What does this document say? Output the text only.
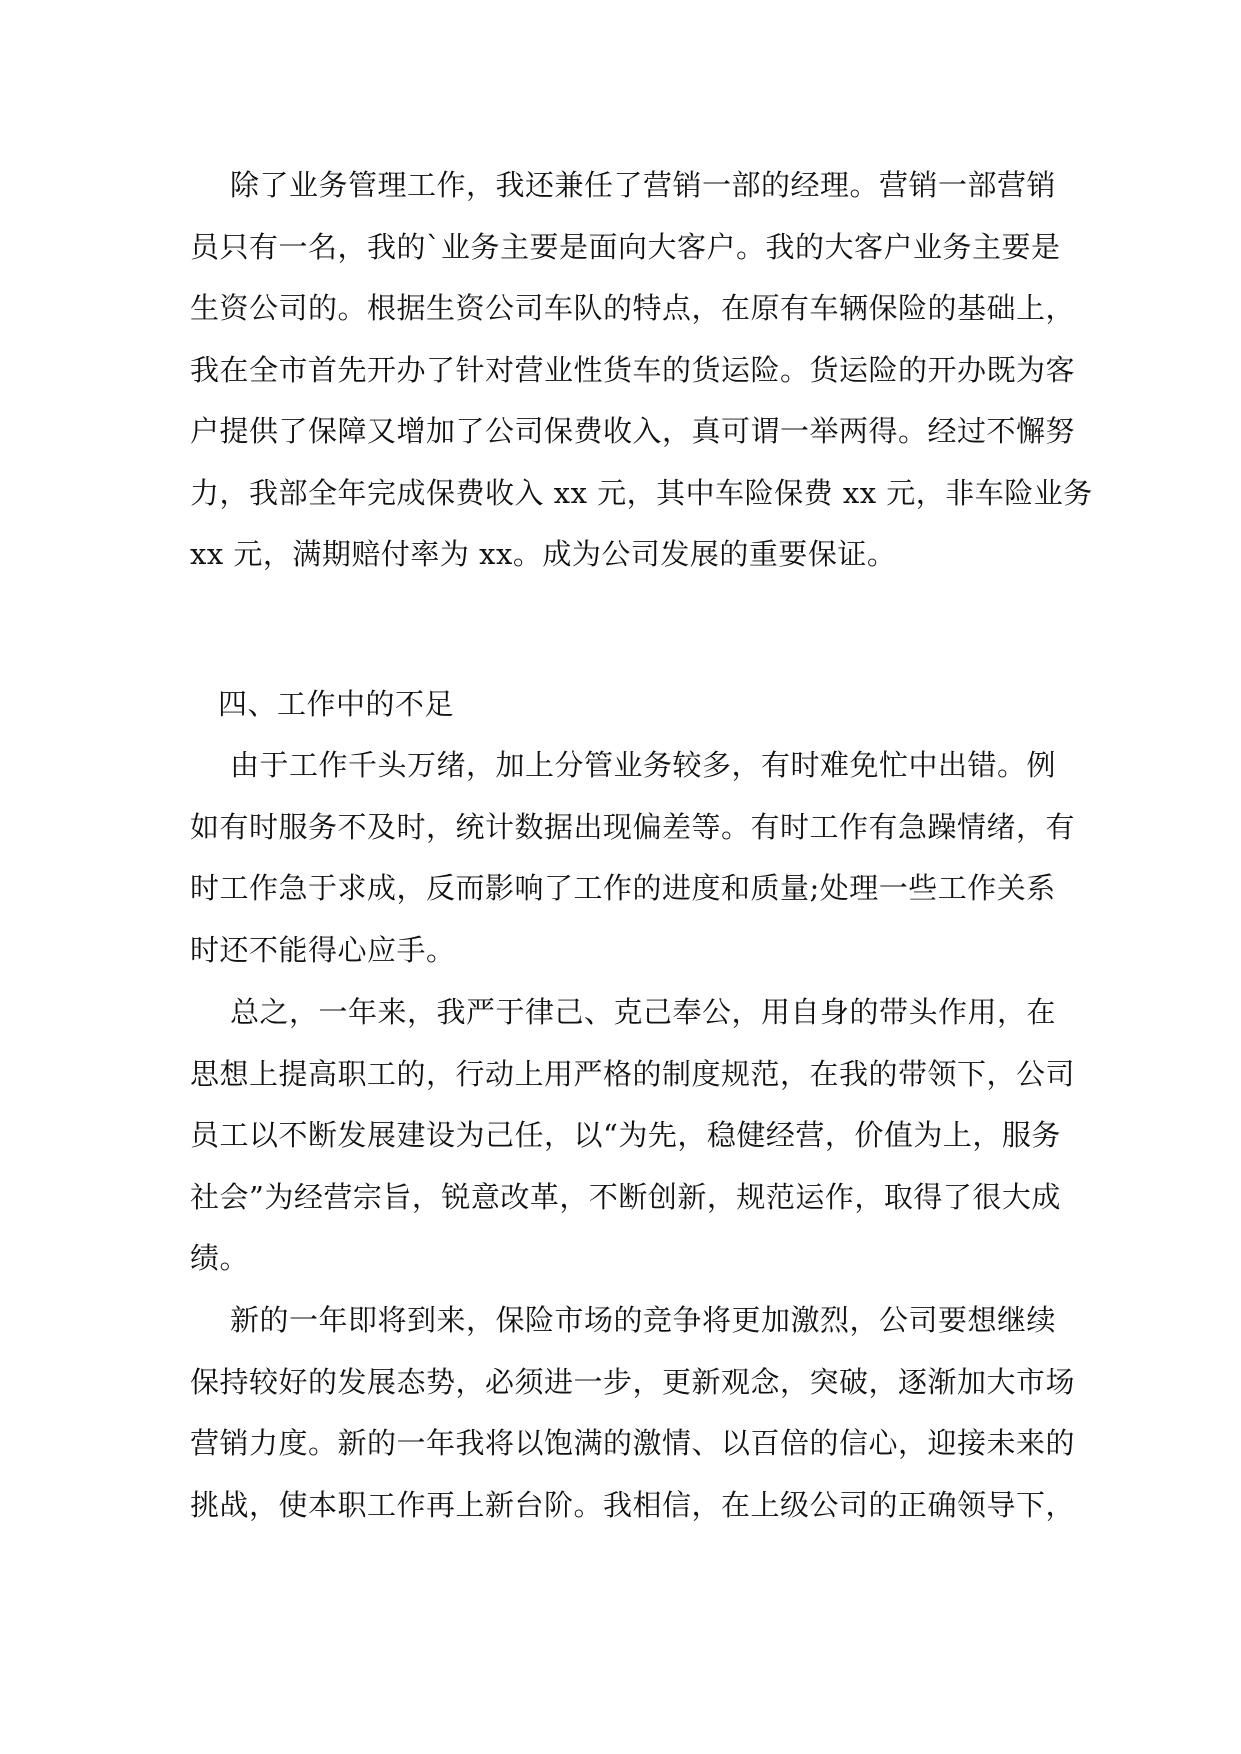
除了业务管理工作，我还兼任了营销一部的经理。营销一部营销
员只有一名，我的`业务主要是面向大客户。我的大客户业务主要是
生资公司的。根据生资公司车队的特点，在原有车辆保险的基础上，
我在全市首先开办了针对营业性货车的货运险。货运险的开办既为客
户提供了保障又增加了公司保费收入，真可谓一举两得。经过不懈努
力，我部全年完成保费收入 xx 元，其中车险保费 xx 元，非车险业务
xx 元，满期赔付率为 xx。成为公司发展的重要保证。
四、工作中的不足
由于工作千头万绪，加上分管业务较多，有时难免忙中出错。例
如有时服务不及时，统计数据出现偏差等。有时工作有急躁情绪，有
时工作急于求成，反而影响了工作的进度和质量;处理一些工作关系
时还不能得心应手。
总之，一年来，我严于律己、克己奉公，用自身的带头作用，在
思想上提高职工的，行动上用严格的制度规范，在我的带领下，公司
员工以不断发展建设为己任，以“为先，稳健经营，价值为上，服务
社会”为经营宗旨，锐意改革，不断创新，规范运作，取得了很大成
绩。
新的一年即将到来，保险市场的竞争将更加激烈，公司要想继续
保持较好的发展态势，必须进一步，更新观念，突破，逐渐加大市场
营销力度。新的一年我将以饱满的激情、以百倍的信心，迎接未来的
挑战，使本职工作再上新台阶。我相信，在上级公司的正确领导下，
